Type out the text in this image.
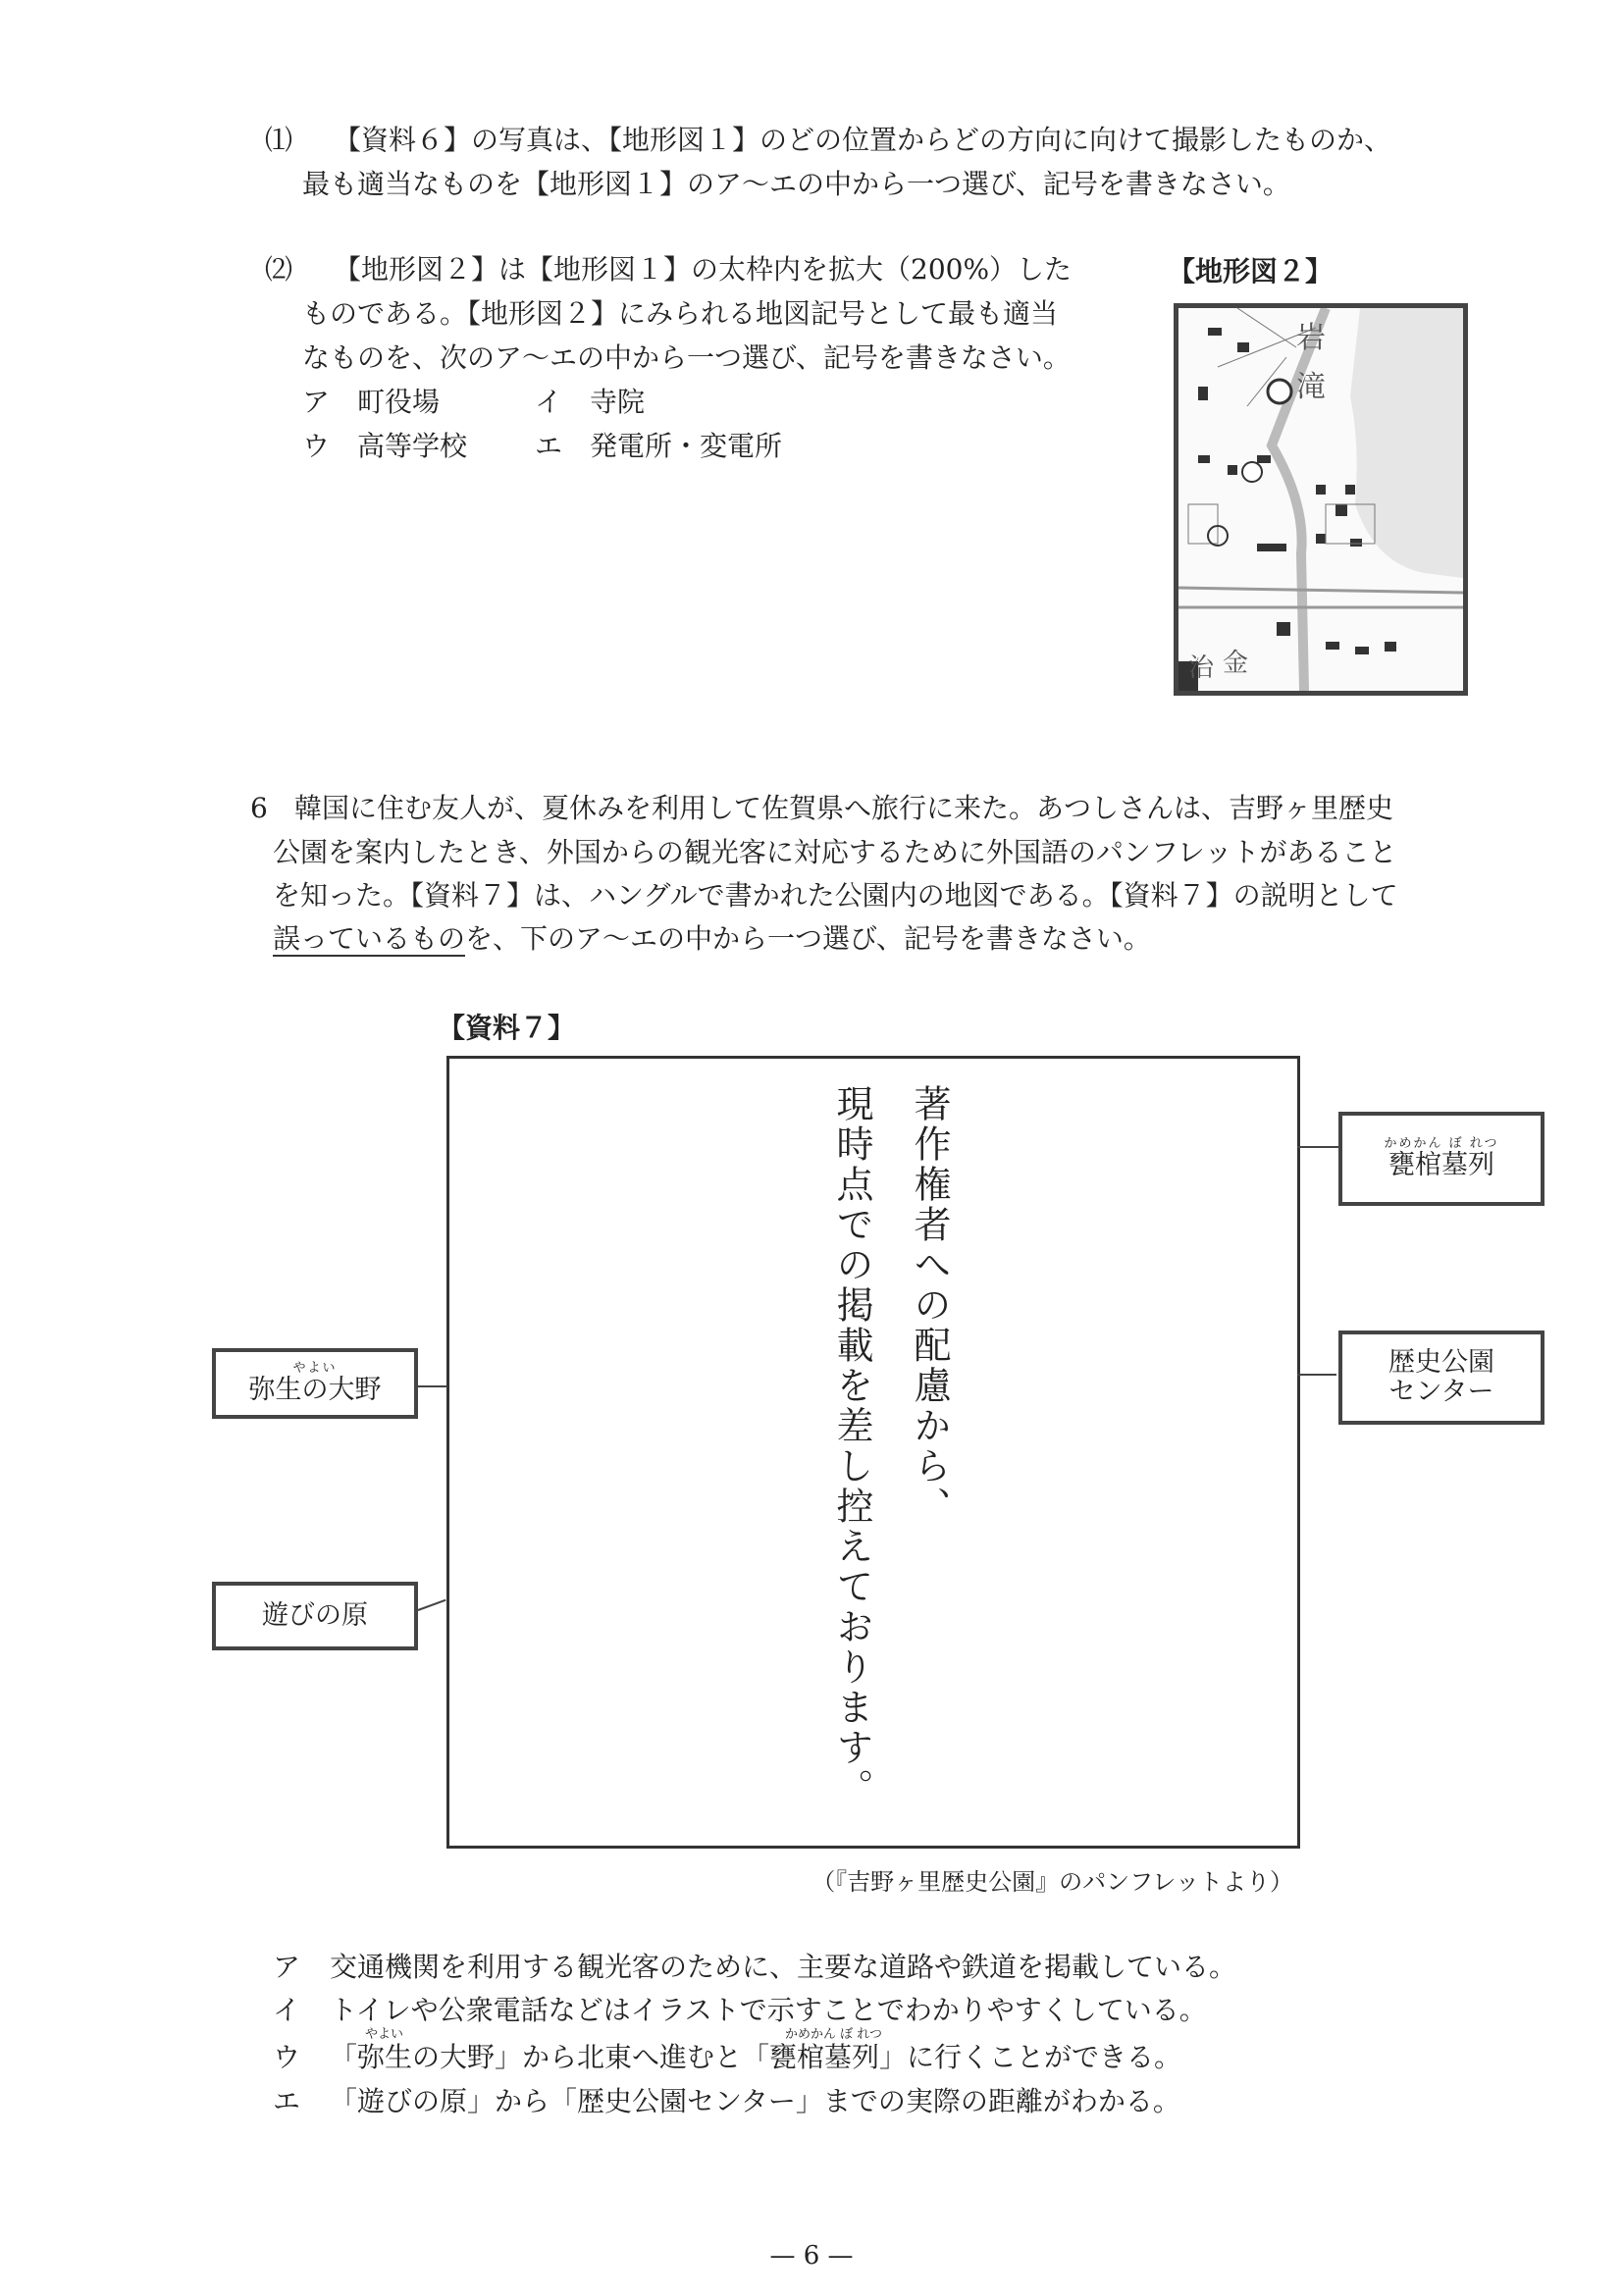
⑴ 【資料６】の写真は、【地形図１】のどの位置からどの方向に向けて撮影したものか、
最も適当なものを【地形図１】のア～エの中から一つ選び、記号を書きなさい。
⑵ 【地形図２】は【地形図１】の太枠内を拡大（200%）した
ものである。【地形図２】にみられる地図記号として最も適当
なものを、次のア～エの中から一つ選び、記号を書きなさい。
ア 町役場	イ 寺院
ウ 高等学校 エ 発電所・変電所
【地形図２】
岩
滝
治 金
6 韓国に住む友人が、夏休みを利用して佐賀県へ旅行に来た。あつしさんは、吉野ヶ里歴史
公園を案内したとき、外国からの観光客に対応するために外国語のパンフレットがあること
を知った。【資料７】は、ハングルで書かれた公園内の地図である。【資料７】の説明として
誤っているものを、下のア～エの中から一つ選び、記号を書きなさい。
【資料７】
著作権者への配慮から、
現時点での掲載を差し控えております。	かめかん ぼ れつ
甕棺墓列
歴史公園
センター
やよい
弥生の大野
遊びの原
（『吉野ヶ里歴史公園』のパンフレットより）
ア 交通機関を利用する観光客のために、主要な道路や鉄道を掲載している。
イ トイレや公衆電話などはイラストで示すことでわかりやすくしている。
やよい	かめかん ぼ れつ
ウ 「弥生の大野」から北東へ進むと「甕棺墓列」に行くことができる。
エ 「遊びの原」から「歴史公園センター」までの実際の距離がわかる。
— 6 —
